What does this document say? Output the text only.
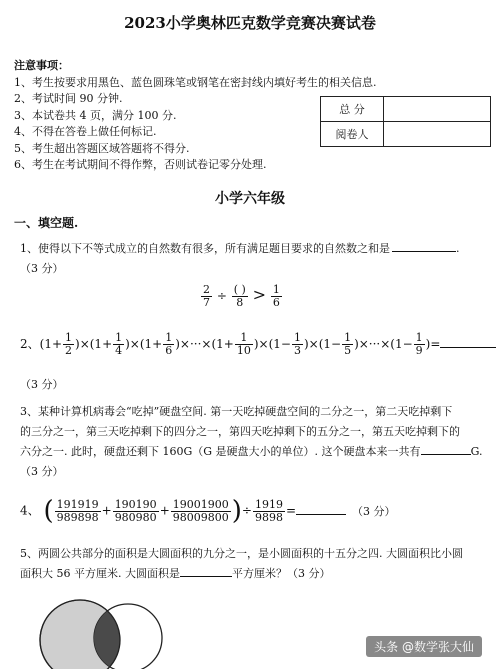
2023小学奥林匹克数学竞赛决赛试卷
注意事项：
1、考生按要求用黑色、蓝色圆珠笔或钢笔在密封线内填好考生的相关信息.
2、考试时间 90 分钟.
3、本试卷共 4 页，满分 100 分.
4、不得在答卷上做任何标记.
5、考生超出答题区域答题将不得分.
6、考生在考试期间不得作弊，否则试卷记零分处理.
总 分	
阅卷人	
小学六年级
一、填空题.
1、使得以下不等式成立的自然数有很多，所有满足题目要求的自然数之和是	.
（3 分）
$\frac{2}{7} \div \frac{( )}{8} > \frac{1}{6}$
2、$(1+ \frac{1}{2} )\times(1+ \frac{1}{4} )\times(1+ \frac{1}{6} )\times\cdot\cdot\cdot\times(1+ \frac{1}{10} )\times(1- \frac{1}{3} )\times(1- \frac{1}{5} )\times\cdot\cdot\cdot\times(1- \frac{1}{9}$ )=
（3 分）
3、某种计算机病毒会“吃掉”硬盘空间. 第一天吃掉硬盘空间的二分之一，第二天吃掉剩下
的三分之一，第三天吃掉剩下的四分之一，第四天吃掉剩下的五分之一，第五天吃掉剩下的
六分之一. 此时，硬盘还剩下 160G（G 是硬盘大小的单位）. 这个硬盘本来一共有	G.
（3 分）
4、 ( $\frac{191919}{989898} + \frac{190190}{980980} + \frac{19001900}{98009800}$ )÷ $\frac{1919}{9898}$ =	（3 分）
5、两圆公共部分的面积是大圆面积的九分之一，是小圆面积的十五分之四. 大圆面积比小圆
面积大 56 平方厘米. 大圆面积是	平方厘米？（3 分）
头条 @数学张大仙
